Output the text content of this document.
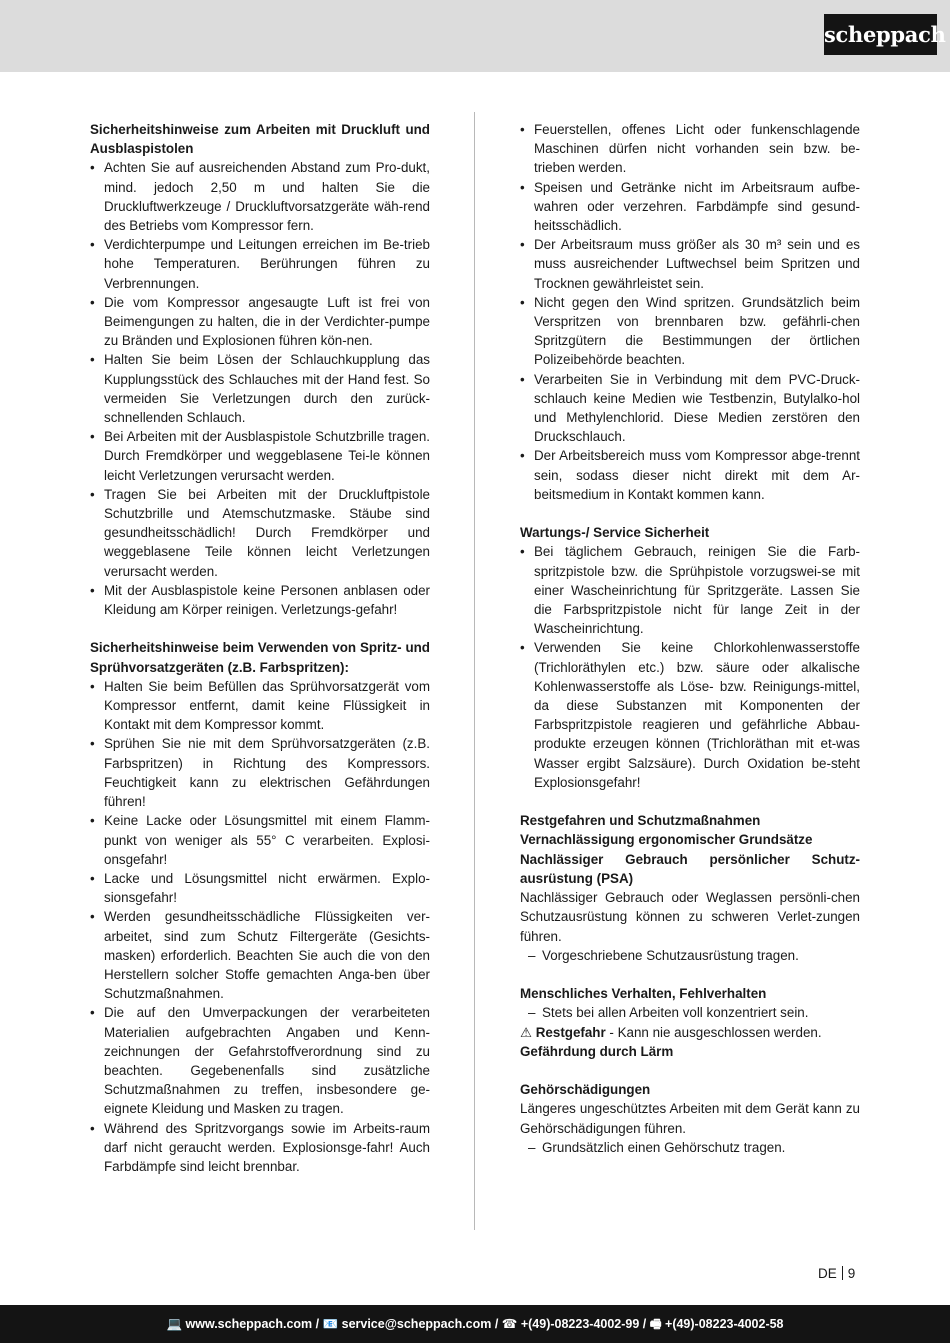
scheppach
Sicherheitshinweise zum Arbeiten mit Druckluft und Ausblaspistolen
• Achten Sie auf ausreichenden Abstand zum Pro-dukt, mind. jedoch 2,50 m und halten Sie die Druckluftwerkzeuge / Druckluftvorsatzgeräte wäh-rend des Betriebs vom Kompressor fern.
• Verdichterpumpe und Leitungen erreichen im Be-trieb hohe Temperaturen. Berührungen führen zu Verbrennungen.
• Die vom Kompressor angesaugte Luft ist frei von Beimengungen zu halten, die in der Verdichter-pumpe zu Bränden und Explosionen führen kön-nen.
• Halten Sie beim Lösen der Schlauchkupplung das Kupplungsstück des Schlauches mit der Hand fest. So vermeiden Sie Verletzungen durch den zurück-schnellenden Schlauch.
• Bei Arbeiten mit der Ausblaspistole Schutzbrille tragen. Durch Fremdkörper und weggeblasene Tei-le können leicht Verletzungen verursacht werden.
• Tragen Sie bei Arbeiten mit der Druckluftpistole Schutzbrille und Atemschutzmaske. Stäube sind gesundheitsschädlich! Durch Fremdkörper und weggeblasene Teile können leicht Verletzungen verursacht werden.
• Mit der Ausblaspistole keine Personen anblasen oder Kleidung am Körper reinigen. Verletzungs-gefahr!
Sicherheitshinweise beim Verwenden von Spritz- und Sprühvorsatzgeräten (z.B. Farbspritzen):
• Halten Sie beim Befüllen das Sprühvorsatzgerät vom Kompressor entfernt, damit keine Flüssigkeit in Kontakt mit dem Kompressor kommt.
• Sprühen Sie nie mit dem Sprühvorsatzgeräten (z.B. Farbspritzen) in Richtung des Kompressors. Feuchtigkeit kann zu elektrischen Gefährdungen führen!
• Keine Lacke oder Lösungsmittel mit einem Flamm-punkt von weniger als 55° C verarbeiten. Explosi-onsgefahr!
• Lacke und Lösungsmittel nicht erwärmen. Explo-sionsgefahr!
• Werden gesundheitsschädliche Flüssigkeiten ver-arbeitet, sind zum Schutz Filtergeräte (Gesichts-masken) erforderlich. Beachten Sie auch die von den Herstellern solcher Stoffe gemachten Anga-ben über Schutzmaßnahmen.
• Die auf den Umverpackungen der verarbeiteten Materialien aufgebrachten Angaben und Kenn-zeichnungen der Gefahrstoffverordnung sind zu beachten. Gegebenenfalls sind zusätzliche Schutzmaßnahmen zu treffen, insbesondere ge-eignete Kleidung und Masken zu tragen.
• Während des Spritzvorgangs sowie im Arbeits-raum darf nicht geraucht werden. Explosionsge-fahr! Auch Farbdämpfe sind leicht brennbar.
• Feuerstellen, offenes Licht oder funkenschlagende Maschinen dürfen nicht vorhanden sein bzw. be-trieben werden.
• Speisen und Getränke nicht im Arbeitsraum aufbe-wahren oder verzehren. Farbdämpfe sind gesund-heitsschädlich.
• Der Arbeitsraum muss größer als 30 m³ sein und es muss ausreichender Luftwechsel beim Spritzen und Trocknen gewährleistet sein.
• Nicht gegen den Wind spritzen. Grundsätzlich beim Verspritzen von brennbaren bzw. gefährli-chen Spritzgütern die Bestimmungen der örtlichen Polizeibehörde beachten.
• Verarbeiten Sie in Verbindung mit dem PVC-Druck-schlauch keine Medien wie Testbenzin, Butylalko-hol und Methylenchlorid. Diese Medien zerstören den Druckschlauch.
• Der Arbeitsbereich muss vom Kompressor abge-trennt sein, sodass dieser nicht direkt mit dem Ar-beitsmedium in Kontakt kommen kann.
Wartungs-/ Service Sicherheit
• Bei täglichem Gebrauch, reinigen Sie die Farb-spritzpistole bzw. die Sprühpistole vorzugswei-se mit einer Wascheinrichtung für Spritzgeräte. Lassen Sie die Farbspritzpistole nicht für lange Zeit in der Wascheinrichtung.
• Verwenden Sie keine Chlorkohlenwasserstoffe (Trichloräthylen etc.) bzw. säure oder alkalische Kohlenwasserstoffe als Löse- bzw. Reinigungs-mittel, da diese Substanzen mit Komponenten der Farbspritzpistole reagieren und gefährliche Abbau-produkte erzeugen können (Trichloräthan mit et-was Wasser ergibt Salzsäure). Durch Oxidation be-steht Explosionsgefahr!
Restgefahren und Schutzmaßnahmen
Vernachlässigung ergonomischer Grundsätze
Nachlässiger Gebrauch persönlicher Schutz-ausrüstung (PSA)
Nachlässiger Gebrauch oder Weglassen persönli-chen Schutzausrüstung können zu schweren Verlet-zungen führen.
– Vorgeschriebene Schutzausrüstung tragen.
Menschliches Verhalten, Fehlverhalten
– Stets bei allen Arbeiten voll konzentriert sein.
⚠ Restgefahr - Kann nie ausgeschlossen werden.
Gefährdung durch Lärm
Gehörschädigungen
Längeres ungeschütztes Arbeiten mit dem Gerät kann zu Gehörschädigungen führen.
– Grundsätzlich einen Gehörschutz tragen.
DE 9
💻 www.scheppach.com / 📧 service@scheppach.com / ☎ +(49)-08223-4002-99 / 🖷 +(49)-08223-4002-58
